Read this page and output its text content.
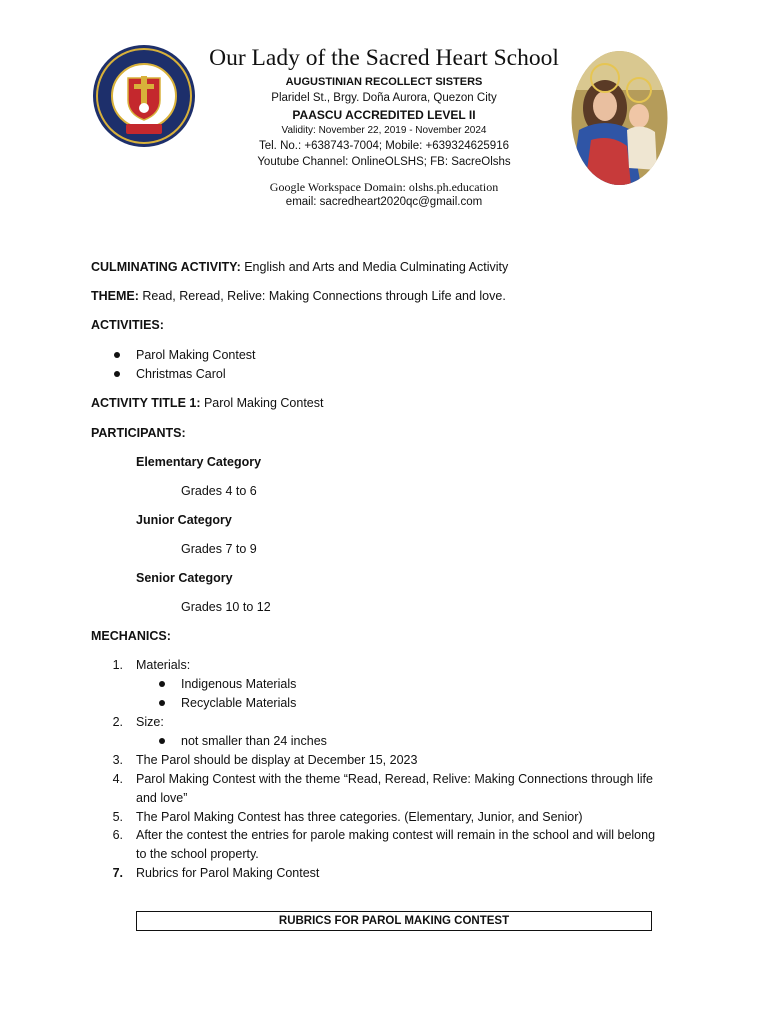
Our Lady of the Sacred Heart School
AUGUSTINIAN RECOLLECT SISTERS
Plaridel St., Brgy. Doña Aurora, Quezon City
PAASCU ACCREDITED LEVEL II
Validity: November 22, 2019 - November 2024
Tel. No.: +638743-7004; Mobile: +639324625916
Youtube Channel: OnlineOLSHS; FB: SacreOlshs
Google Workspace Domain: olshs.ph.education
email: sacredheart2020qc@gmail.com
CULMINATING ACTIVITY: English and Arts and Media Culminating Activity
THEME: Read, Reread, Relive: Making Connections through Life and love.
ACTIVITIES:
Parol Making Contest
Christmas Carol
ACTIVITY TITLE 1: Parol Making Contest
PARTICIPANTS:
Elementary Category
Grades 4 to 6
Junior Category
Grades 7 to 9
Senior Category
Grades 10 to 12
MECHANICS:
1. Materials:
Indigenous Materials
Recyclable Materials
2. Size:
not smaller than 24 inches
3. The Parol should be display at December 15, 2023
4. Parol Making Contest with the theme “Read, Reread, Relive: Making Connections through life
and love”
5. The Parol Making Contest has three categories. (Elementary, Junior, and Senior)
6. After the contest the entries for parole making contest will remain in the school and will belong
to the school property.
7. Rubrics for Parol Making Contest
RUBRICS FOR PAROL MAKING CONTEST
